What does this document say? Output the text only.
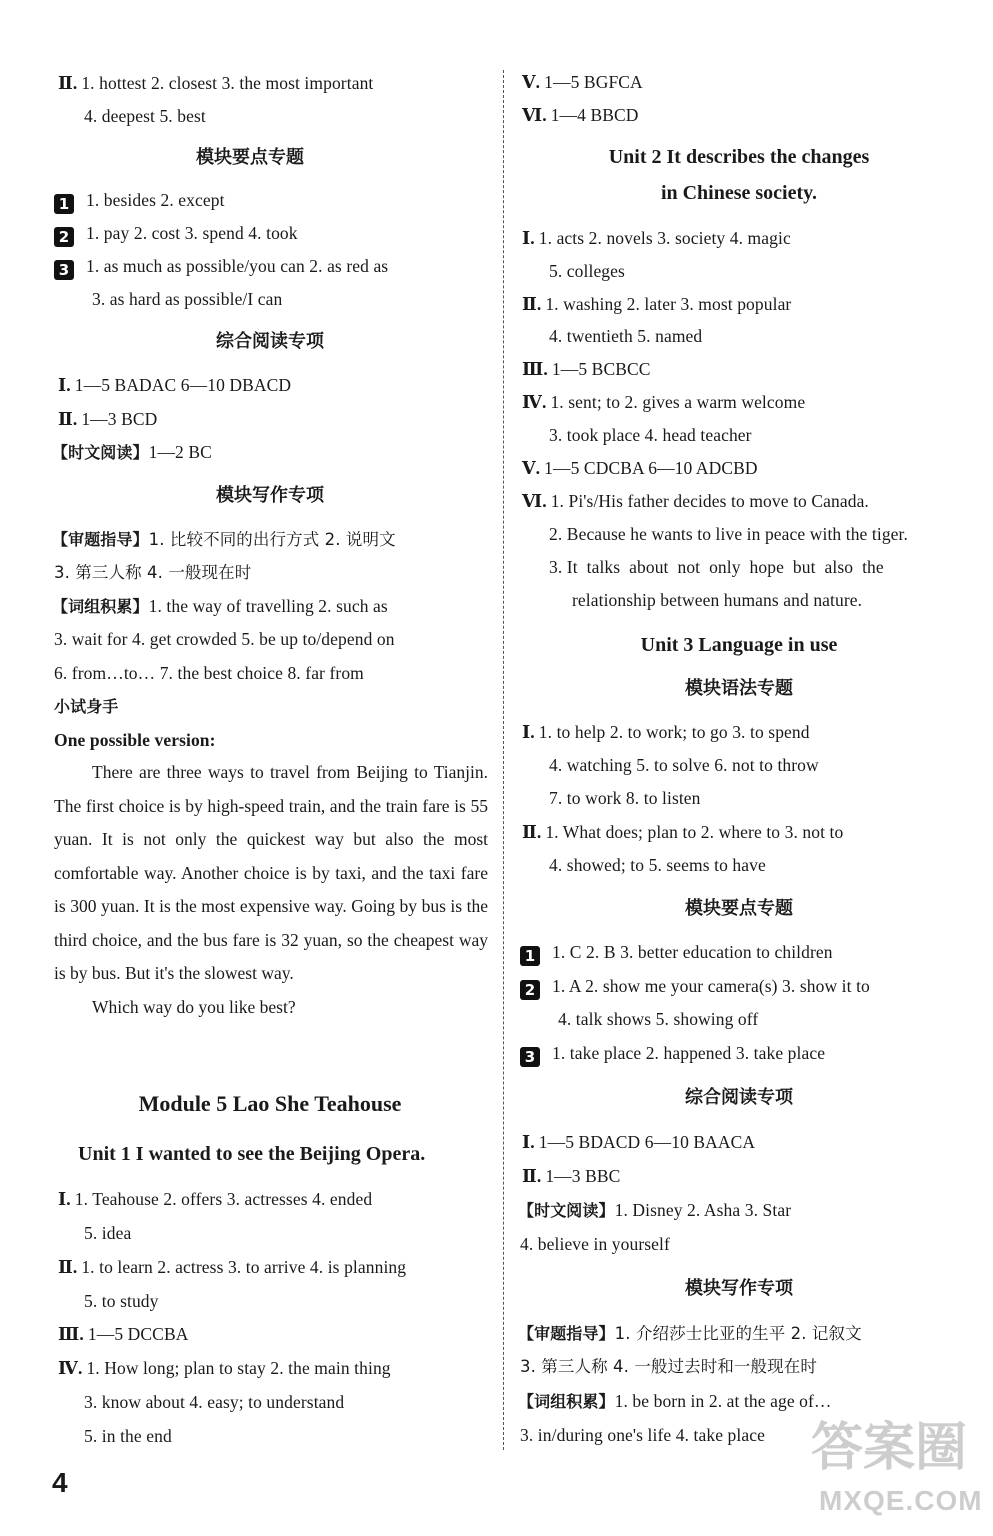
Ⅱ. 1. hottest 2. closest 3. the most important
4. deepest 5. best
模块要点专题
1 1. besides 2. except
2 1. pay 2. cost 3. spend 4. took
3 1. as much as possible/you can 2. as red as
3. as hard as possible/I can
综合阅读专项
Ⅰ. 1—5 BADAC 6—10 DBACD
Ⅱ. 1—3 BCD
【时文阅读】1—2 BC
模块写作专项
【审题指导】1. 比较不同的出行方式 2. 说明文
3. 第三人称 4. 一般现在时
【词组积累】1. the way of travelling 2. such as
3. wait for 4. get crowded 5. be up to/depend on
6. from…to… 7. the best choice 8. far from
小试身手
One possible version:

There are three ways to travel from Beijing to Tianjin. The first choice is by high-speed train, and the train fare is 55 yuan. It is not only the quickest way but also the most comfortable way. Another choice is by taxi, and the taxi fare is 300 yuan. It is the most expensive way. Going by bus is the third choice, and the bus fare is 32 yuan, so the cheapest way is by bus. But it's the slowest way.

Which way do you like best?

Module 5 Lao She Teahouse
Unit 1 I wanted to see the Beijing Opera.
Ⅰ. 1. Teahouse 2. offers 3. actresses 4. ended
5. idea
Ⅱ. 1. to learn 2. actress 3. to arrive 4. is planning
5. to study
Ⅲ. 1—5 DCCBA
Ⅳ. 1. How long; plan to stay 2. the main thing
3. know about 4. easy; to understand
5. in the end
Ⅴ. 1—5 BGFCA
Ⅵ. 1—4 BBCD
Unit 2 It describes the changes
in Chinese society.
Ⅰ. 1. acts 2. novels 3. society 4. magic
5. colleges
Ⅱ. 1. washing 2. later 3. most popular
4. twentieth 5. named
Ⅲ. 1—5 BCBCC
Ⅳ. 1. sent; to 2. gives a warm welcome
3. took place 4. head teacher
Ⅴ. 1—5 CDCBA 6—10 ADCBD
Ⅵ. 1. Pi's/His father decides to move to Canada.
2. Because he wants to live in peace with the tiger.
3. It  talks  about  not  only  hope  but  also  the
relationship between humans and nature.
Unit 3 Language in use
模块语法专题
Ⅰ. 1. to help 2. to work; to go 3. to spend
4. watching 5. to solve 6. not to throw
7. to work 8. to listen
Ⅱ. 1. What does; plan to 2. where to 3. not to
4. showed; to 5. seems to have
模块要点专题
1 1. C 2. B 3. better education to children
2 1. A 2. show me your camera(s) 3. show it to
4. talk shows 5. showing off
3 1. take place 2. happened 3. take place
综合阅读专项
Ⅰ. 1—5 BDACD 6—10 BAACA
Ⅱ. 1—3 BBC
【时文阅读】1. Disney 2. Asha 3. Star
4. believe in yourself
模块写作专项
【审题指导】1. 介绍莎士比亚的生平 2. 记叙文
3. 第三人称 4. 一般过去时和一般现在时
【词组积累】1. be born in 2. at the age of…
3. in/during one's life 4. take place
4
答案圈
MXQE.COM
